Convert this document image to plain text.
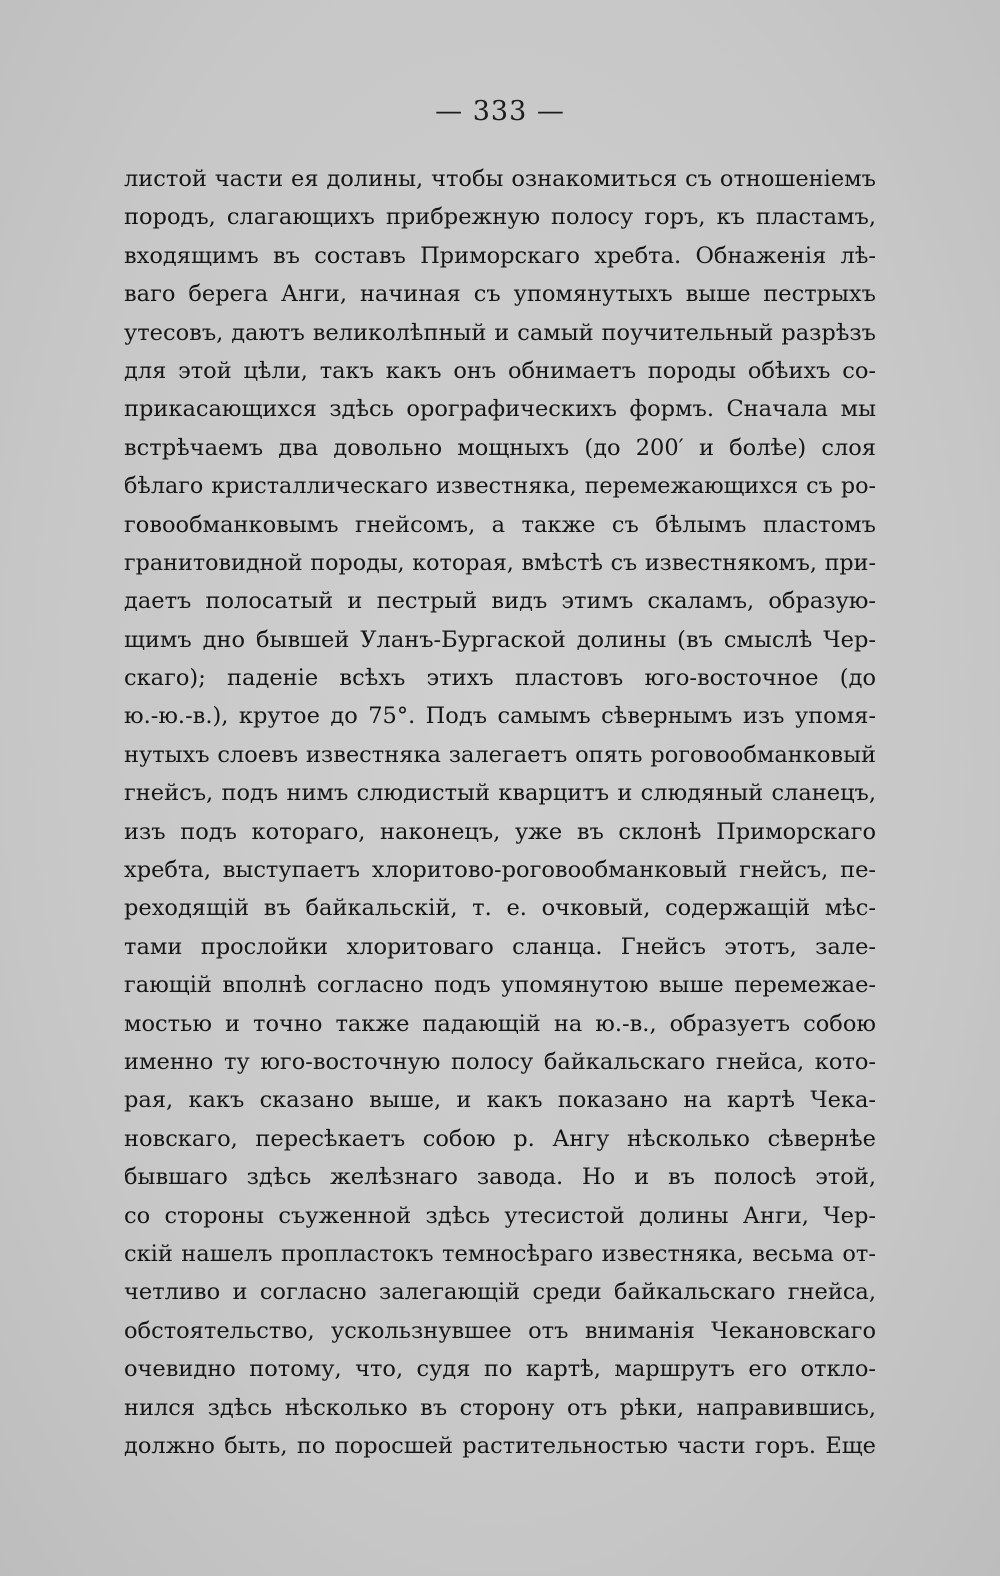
— 333 —
листой части ея долины, чтобы ознакомиться съ отношеніемъ
породъ, слагающихъ прибрежную полосу горъ, къ пластамъ,
входящимъ въ составъ Приморскаго хребта. Обнаженія лѣ-
ваго берега Анги, начиная съ упомянутыхъ выше пестрыхъ
утесовъ, даютъ великолѣпный и самый поучительный разрѣзъ
для этой цѣли, такъ какъ онъ обнимаетъ породы обѣихъ со-
прикасающихся здѣсь орографическихъ формъ. Сначала мы
встрѣчаемъ два довольно мощныхъ (до 200′ и болѣе) слоя
бѣлаго кристаллическаго известняка, перемежающихся съ ро-
говообманковымъ гнейсомъ, а также съ бѣлымъ пластомъ
гранитовидной породы, которая, вмѣстѣ съ известнякомъ, при-
даетъ полосатый и пестрый видъ этимъ скаламъ, образую-
щимъ дно бывшей Уланъ-Бургаской долины (въ смыслѣ Чер-
скаго); паденіе всѣхъ этихъ пластовъ юго-восточное (до
ю.-ю.-в.), крутое до 75°. Подъ самымъ сѣвернымъ изъ упомя-
нутыхъ слоевъ известняка залегаетъ опять роговообманковый
гнейсъ, подъ нимъ слюдистый кварцитъ и слюдяный сланецъ,
изъ подъ котораго, наконецъ, уже въ склонѣ Приморскаго
хребта, выступаетъ хлоритово-роговообманковый гнейсъ, пе-
реходящій въ байкальскій, т. е. очковый, содержащій мѣс-
тами прослойки хлоритоваго сланца. Гнейсъ этотъ, зале-
гающій вполнѣ согласно подъ упомянутою выше перемежае-
мостью и точно также падающій на ю.-в., образуетъ собою
именно ту юго-восточную полосу байкальскаго гнейса, кото-
рая, какъ сказано выше, и какъ показано на картѣ Чека-
новскаго, пересѣкаетъ собою р. Ангу нѣсколько сѣвернѣе
бывшаго здѣсь желѣзнаго завода. Но и въ полосѣ этой,
со стороны съуженной здѣсь утесистой долины Анги, Чер-
скій нашелъ пропластокъ темносѣраго известняка, весьма от-
четливо и согласно залегающій среди байкальскаго гнейса,
обстоятельство, ускользнувшее отъ вниманія Чекановскаго
очевидно потому, что, судя по картѣ, маршрутъ его откло-
нился здѣсь нѣсколько въ сторону отъ рѣки, направившись,
должно быть, по поросшей растительностью части горъ. Еще
